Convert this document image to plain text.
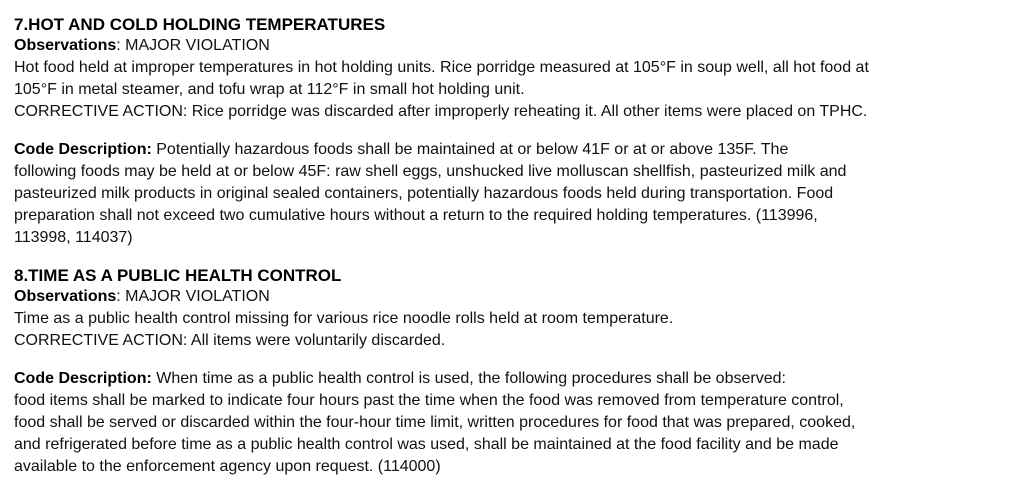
7.HOT AND COLD HOLDING TEMPERATURES
Observations: MAJOR VIOLATION
Hot food held at improper temperatures in hot holding units. Rice porridge measured at 105°F in soup well, all hot food at
105°F in metal steamer, and tofu wrap at 112°F in small hot holding unit.
CORRECTIVE ACTION: Rice porridge was discarded after improperly reheating it. All other items were placed on TPHC.
Code Description: Potentially hazardous foods shall be maintained at or below 41F or at or above 135F. The
following foods may be held at or below 45F: raw shell eggs, unshucked live molluscan shellfish, pasteurized milk and
pasteurized milk products in original sealed containers, potentially hazardous foods held during transportation. Food
preparation shall not exceed two cumulative hours without a return to the required holding temperatures. (113996,
113998, 114037)
8.TIME AS A PUBLIC HEALTH CONTROL
Observations: MAJOR VIOLATION
Time as a public health control missing for various rice noodle rolls held at room temperature.
CORRECTIVE ACTION: All items were voluntarily discarded.
Code Description: When time as a public health control is used, the following procedures shall be observed:
food items shall be marked to indicate four hours past the time when the food was removed from temperature control,
food shall be served or discarded within the four-hour time limit, written procedures for food that was prepared, cooked,
and refrigerated before time as a public health control was used, shall be maintained at the food facility and be made
available to the enforcement agency upon request. (114000)
